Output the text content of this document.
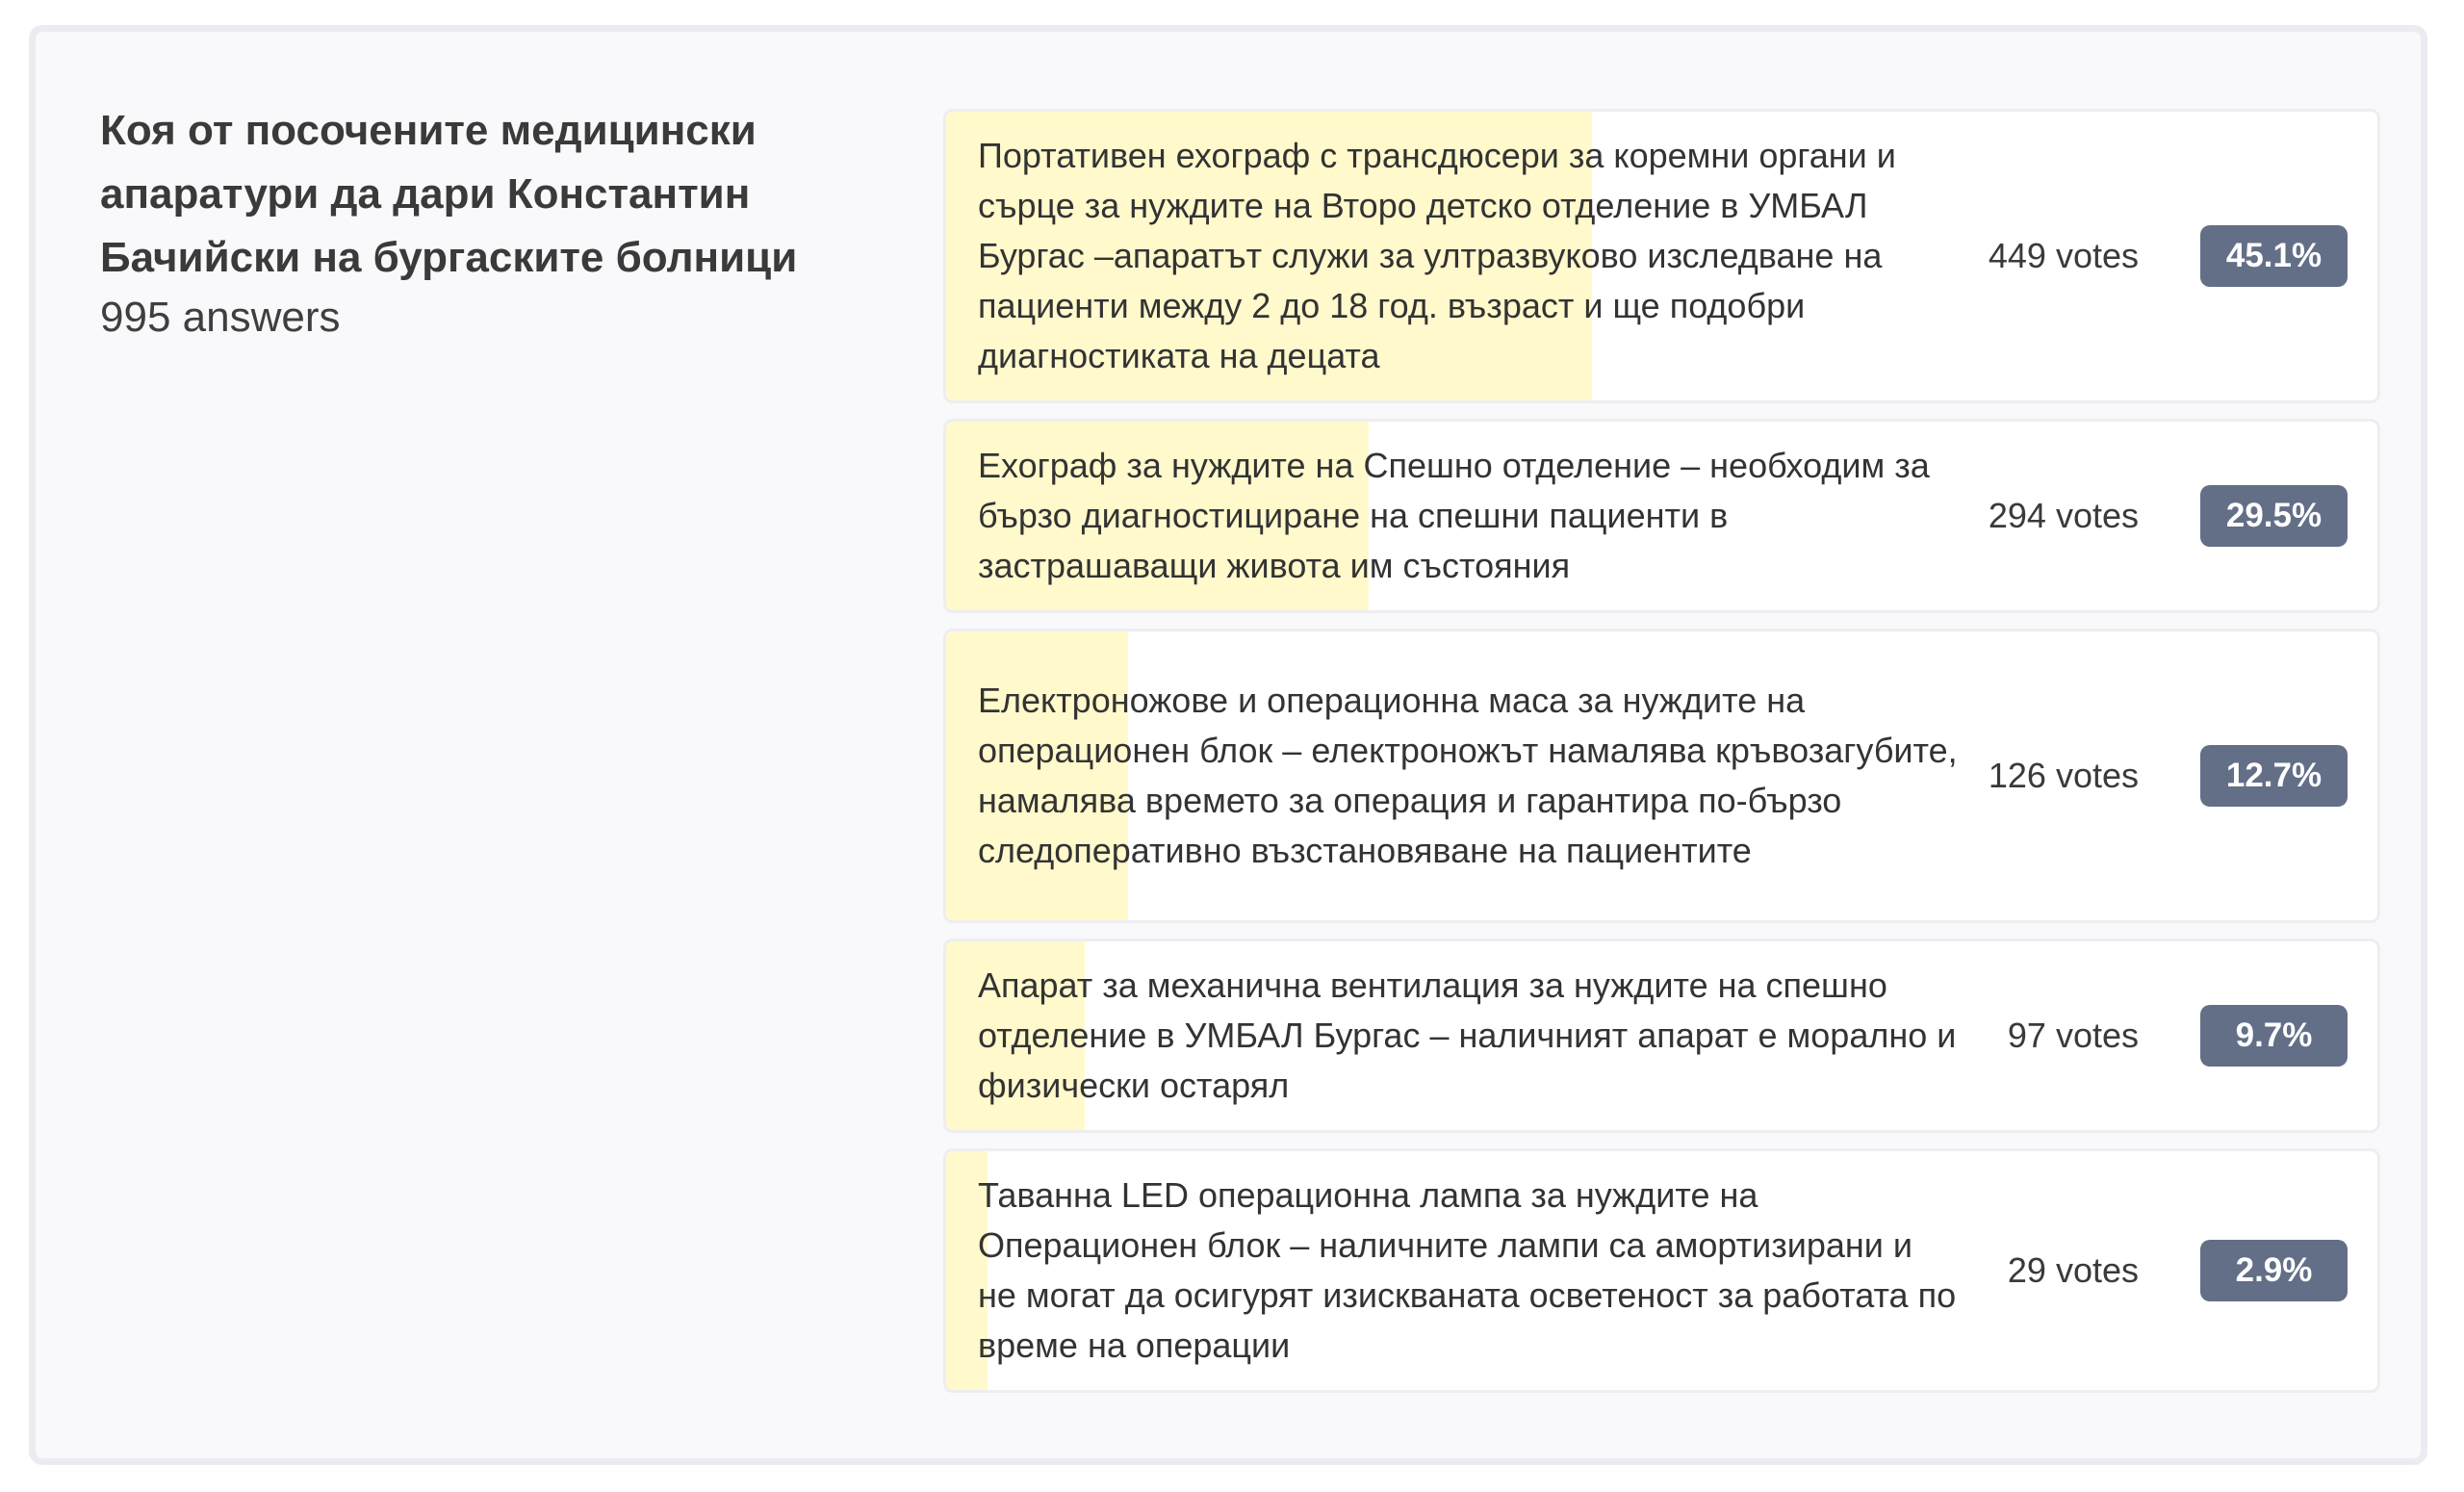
Коя от посочените медицински апаратури да дари Константин Бачийски на бургаските болници
995 answers
Портативен ехограф с трансдюсери за коремни органи и сърце за нуждите на Второ детско отделение в УМБАЛ Бургас –апаратът служи за ултразвуково изследване на пациенти между 2 до 18 год. възраст и ще подобри диагностиката на децата
449 votes	45.1%
Ехограф за нуждите на Спешно отделение – необходим за бързо диагностициране на спешни пациенти в застрашаващи живота им състояния
294 votes	29.5%
Електроножове и операционна маса за нуждите на операционен блок – електроножът намалява кръвозагубите, намалява времето за операция и гарантира по-бързо следоперативно възстановяване на пациентите
126 votes	12.7%
Апарат за механична вентилация за нуждите на спешно отделение в УМБАЛ Бургас – наличният апарат е морално и физически остарял
97 votes	9.7%
Таванна LED операционна лампа за нуждите на Операционен блок – наличните лампи са амортизирани и не могат да осигурят изискваната осветеност за работата по време на операции
29 votes	2.9%
